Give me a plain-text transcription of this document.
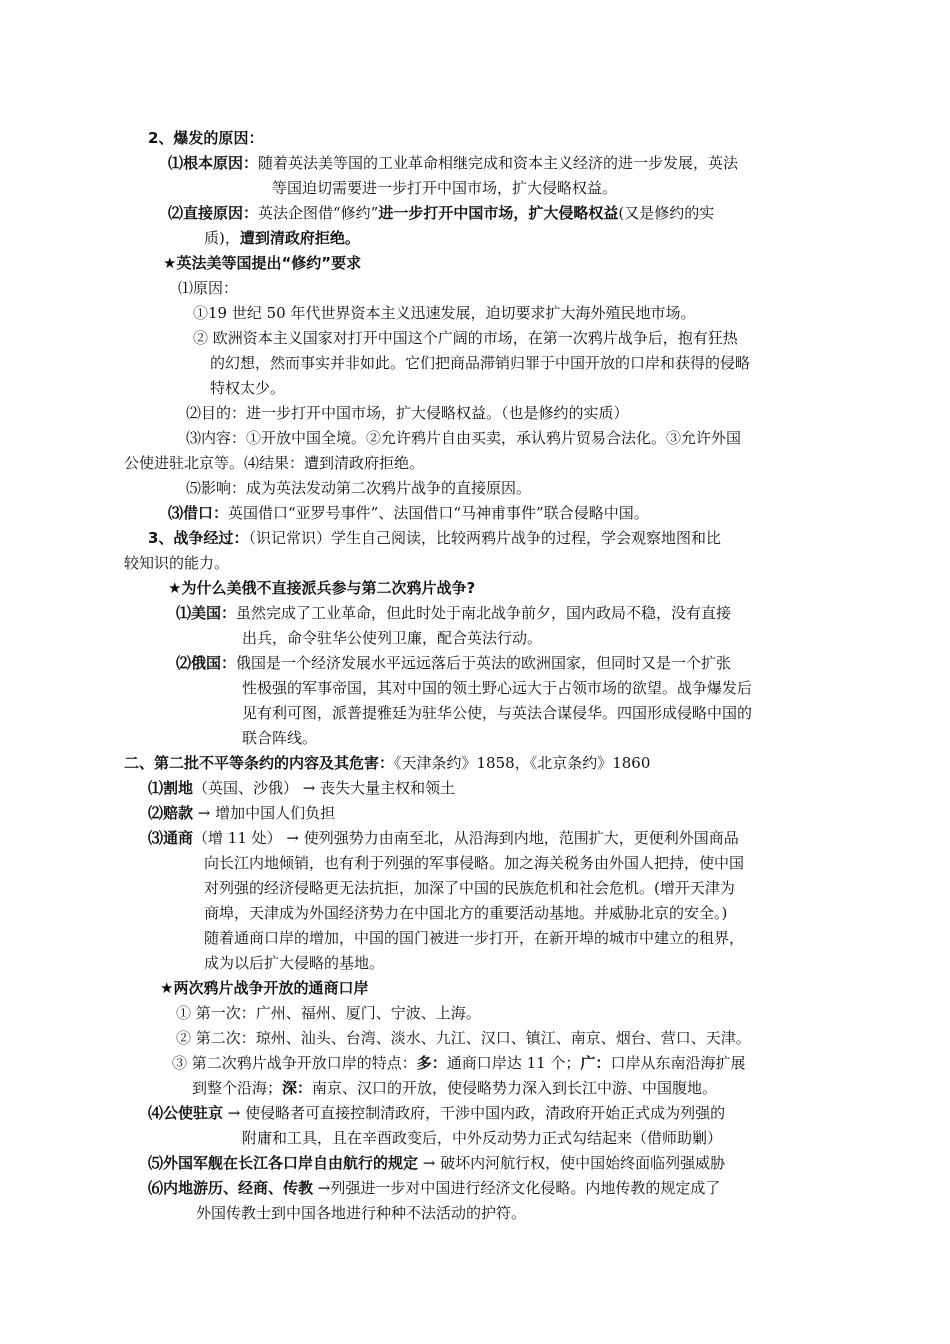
2、爆发的原因：
⑴根本原因：随着英法美等国的工业革命相继完成和资本主义经济的进一步发展，英法
等国迫切需要进一步打开中国市场，扩大侵略权益。
⑵直接原因：英法企图借“修约”进一步打开中国市场，扩大侵略权益(又是修约的实
质)，遭到清政府拒绝。
★英法美等国提出“修约”要求
⑴原因：
①19 世纪 50 年代世界资本主义迅速发展，迫切要求扩大海外殖民地市场。
② 欧洲资本主义国家对打开中国这个广阔的市场，在第一次鸦片战争后，抱有狂热
的幻想，然而事实并非如此。它们把商品滞销归罪于中国开放的口岸和获得的侵略
特权太少。
⑵目的：进一步打开中国市场，扩大侵略权益。（也是修约的实质）
⑶内容：①开放中国全境。②允许鸦片自由买卖，承认鸦片贸易合法化。③允许外国
公使进驻北京等。⑷结果：遭到清政府拒绝。
⑸影响：成为英法发动第二次鸦片战争的直接原因。
⑶借口：英国借口“亚罗号事件”、法国借口“马神甫事件”联合侵略中国。
3、战争经过：（识记常识）学生自己阅读，比较两鸦片战争的过程，学会观察地图和比
较知识的能力。
★为什么美俄不直接派兵参与第二次鸦片战争?
⑴美国：虽然完成了工业革命，但此时处于南北战争前夕，国内政局不稳，没有直接
出兵，命令驻华公使列卫廉，配合英法行动。
⑵俄国：俄国是一个经济发展水平远远落后于英法的欧洲国家，但同时又是一个扩张
性极强的军事帝国，其对中国的领土野心远大于占领市场的欲望。战争爆发后
见有利可图，派普提雅廷为驻华公使，与英法合谋侵华。四国形成侵略中国的
联合阵线。
二、第二批不平等条约的内容及其危害：《天津条约》1858，《北京条约》1860
⑴割地（英国、沙俄） → 丧失大量主权和领土
⑵赔款 → 增加中国人们负担
⑶通商（增 11 处） → 使列强势力由南至北，从沿海到内地，范围扩大，更便利外国商品
向长江内地倾销，也有利于列强的军事侵略。加之海关税务由外国人把持，使中国
对列强的经济侵略更无法抗拒，加深了中国的民族危机和社会危机。(增开天津为
商埠，天津成为外国经济势力在中国北方的重要活动基地。并威胁北京的安全。)
随着通商口岸的增加，中国的国门被进一步打开，在新开埠的城市中建立的租界，
成为以后扩大侵略的基地。
★两次鸦片战争开放的通商口岸
① 第一次：广州、福州、厦门、宁波、上海。
② 第二次：琼州、汕头、台湾、淡水、九江、汉口、镇江、南京、烟台、营口、天津。
③ 第二次鸦片战争开放口岸的特点：多：通商口岸达 11 个；广：口岸从东南沿海扩展
到整个沿海；深：南京、汉口的开放，使侵略势力深入到长江中游、中国腹地。
⑷公使驻京 → 使侵略者可直接控制清政府，干涉中国内政，清政府开始正式成为列强的
附庸和工具，且在辛酉政变后，中外反动势力正式勾结起来（借师助剿）
⑸外国军舰在长江各口岸自由航行的规定 → 破坏内河航行权，使中国始终面临列强威胁
⑹内地游历、经商、传教 →列强进一步对中国进行经济文化侵略。内地传教的规定成了
外国传教士到中国各地进行种种不法活动的护符。
